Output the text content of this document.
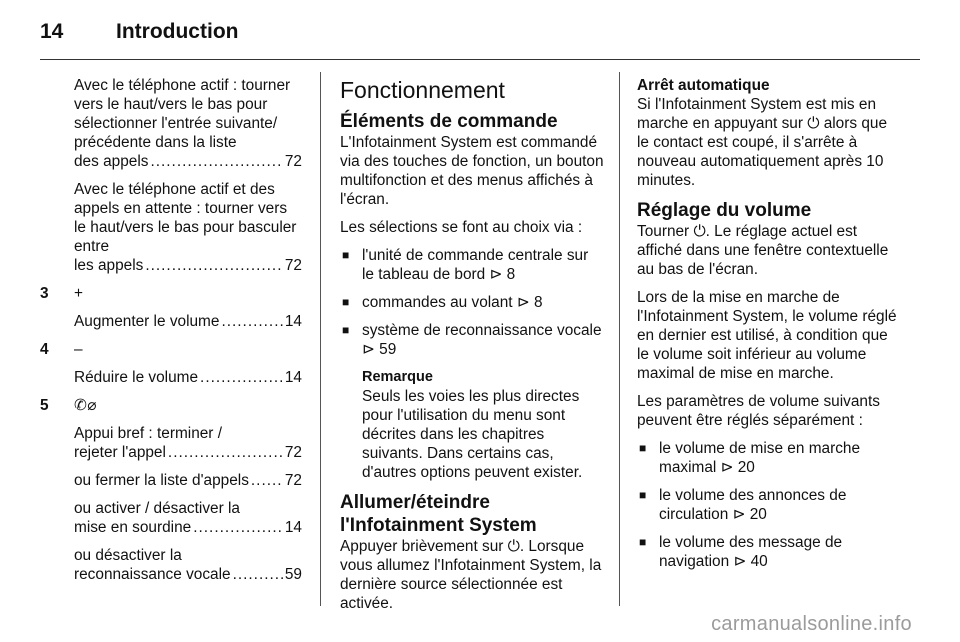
14	Introduction
Avec le téléphone actif : tourner vers le haut/vers le bas pour sélectionner l'entrée suivante/ précédente dans la liste
des appels .....	72
Avec le téléphone actif et des appels en attente : tourner vers le haut/vers le bas pour basculer entre
les appels .....	72
3	+
Augmenter le volume .....	14
4	–
Réduire le volume .....	14
5	✆⌀
Appui bref : terminer /
rejeter l'appel .....	72
ou fermer la liste d'appels ..... 72
ou activer / désactiver la
mise en sourdine .....	14
ou désactiver la
reconnaissance vocale .....	59
Fonctionnement
Éléments de commande
L'Infotainment System est commandé via des touches de fonction, un bouton multifonction et des menus affichés à l'écran.
Les sélections se font au choix via :
■ l'unité de commande centrale sur le tableau de bord ⊳ 8
■ commandes au volant ⊳ 8
■ système de reconnaissance vocale ⊳ 59
Remarque
Seuls les voies les plus directes pour l'utilisation du menu sont décrites dans les chapitres suivants. Dans certains cas, d'autres options peuvent exister.
Allumer/éteindre l'Infotainment System
Appuyer brièvement sur ⏻. Lorsque vous allumez l'Infotainment System, la dernière source sélectionnée est activée.
Arrêt automatique
Si l'Infotainment System est mis en marche en appuyant sur ⏻ alors que le contact est coupé, il s'arrête à nouveau automatiquement après 10 minutes.
Réglage du volume
Tourner ⏻. Le réglage actuel est affiché dans une fenêtre contextuelle au bas de l'écran.
Lors de la mise en marche de l'Infotainment System, le volume réglé en dernier est utilisé, à condition que le volume soit inférieur au volume maximal de mise en marche.
Les paramètres de volume suivants peuvent être réglés séparément :
■ le volume de mise en marche maximal ⊳ 20
■ le volume des annonces de circulation ⊳ 20
■ le volume des message de navigation ⊳ 40
carmanualsonline.info
